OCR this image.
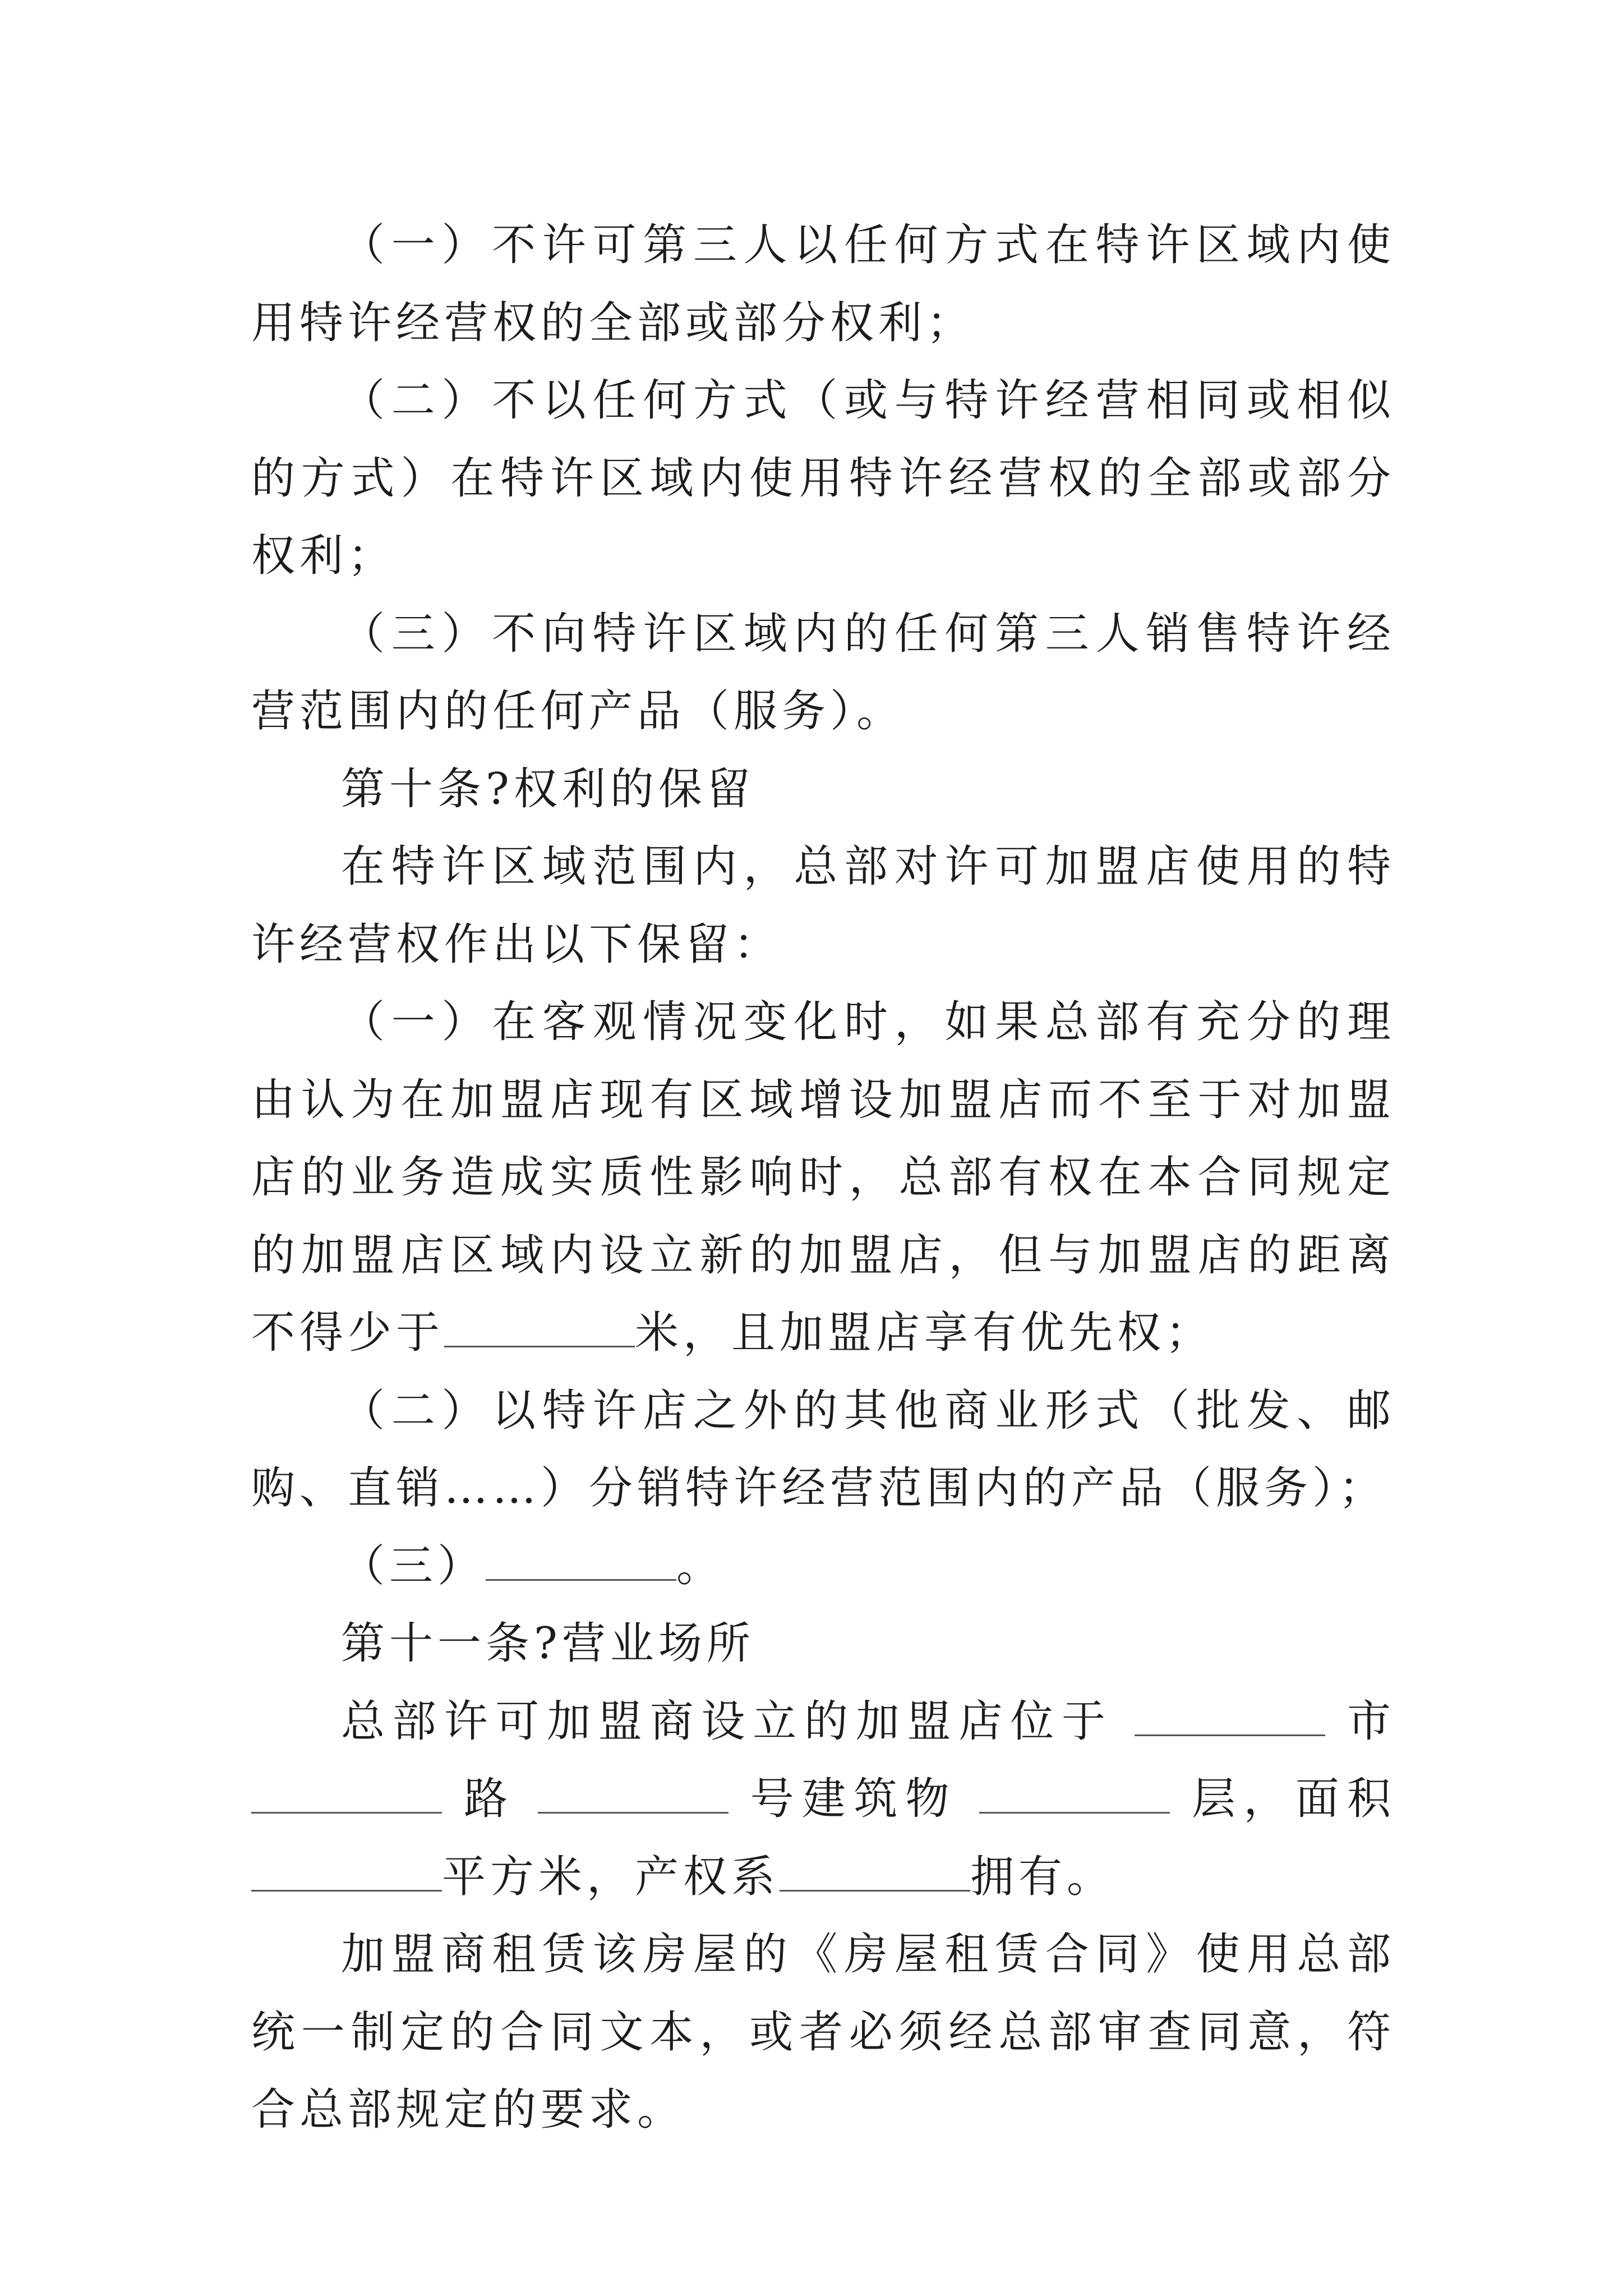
（一）不许可第三人以任何方式在特许区域内使用特许经营权的全部或部分权利；

（二）不以任何方式（或与特许经营相同或相似的方式）在特许区域内使用特许经营权的全部或部分权利；

（三）不向特许区域内的任何第三人销售特许经营范围内的任何产品（服务）。

第十条?权利的保留

在特许区域范围内，总部对许可加盟店使用的特许经营权作出以下保留：

（一）在客观情况变化时，如果总部有充分的理由认为在加盟店现有区域增设加盟店而不至于对加盟店的业务造成实质性影响时，总部有权在本合同规定的加盟店区域内设立新的加盟店，但与加盟店的距离不得少于	米，且加盟店享有优先权；

（二）以特许店之外的其他商业形式（批发、邮购、直销……）分销特许经营范围内的产品（服务）；

（三）	。

第十一条?营业场所

总部许可加盟商设立的加盟店位于	市  路	号建筑物	层，面积

平方米，产权系	拥有。

加盟商租赁该房屋的《房屋租赁合同》使用总部统一制定的合同文本，或者必须经总部审查同意，符合总部规定的要求。
